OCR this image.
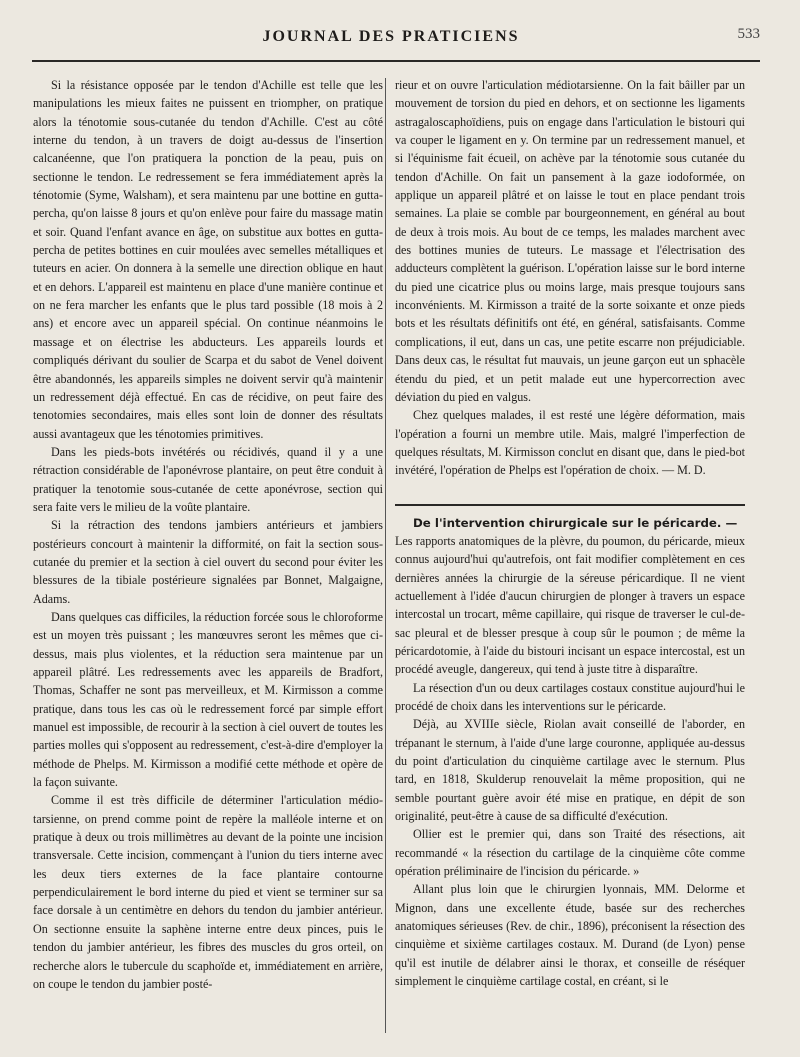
JOURNAL DES PRATICIENS	533

Si la résistance opposée par le tendon d'Achille est telle que les manipulations les mieux faites ne puissent en triompher, on pratique alors la ténotomie sous-cutanée du tendon d'Achille. C'est au côté interne du tendon, à un travers de doigt au-dessus de l'insertion calcanéenne, que l'on pratiquera la ponction de la peau, puis on sectionne le tendon. Le redressement se fera immédiatement après la ténotomie (Syme, Walsham), et sera maintenu par une bottine en gutta-percha, qu'on laisse 8 jours et qu'on enlève pour faire du massage matin et soir. Quand l'enfant avance en âge, on substitue aux bottes en gutta-percha de petites bottines en cuir moulées avec semelles métalliques et tuteurs en acier. On donnera à la semelle une direction oblique en haut et en dehors. L'appareil est maintenu en place d'une manière continue et on ne fera marcher les enfants que le plus tard possible (18 mois à 2 ans) et encore avec un appareil spécial. On continue néanmoins le massage et on électrise les abducteurs. Les appareils lourds et compliqués dérivant du soulier de Scarpa et du sabot de Venel doivent être abandonnés, les appareils simples ne doivent servir qu'à maintenir un redressement déjà effectué. En cas de récidive, on peut faire des tenotomies secondaires, mais elles sont loin de donner des résultats aussi avantageux que les ténotomies primitives.

Dans les pieds-bots invétérés ou récidivés, quand il y a une rétraction considérable de l'aponévrose plantaire, on peut être conduit à pratiquer la tenotomie sous-cutanée de cette aponévrose, section qui sera faite vers le milieu de la voûte plantaire.

Si la rétraction des tendons jambiers antérieurs et jambiers postérieurs concourt à maintenir la difformité, on fait la section sous-cutanée du premier et la section à ciel ouvert du second pour éviter les blessures de la tibiale postérieure signalées par Bonnet, Malgaigne, Adams.

Dans quelques cas difficiles, la réduction forcée sous le chloroforme est un moyen très puissant ; les manœuvres seront les mêmes que ci-dessus, mais plus violentes, et la réduction sera maintenue par un appareil plâtré. Les redressements avec les appareils de Bradfort, Thomas, Schaffer ne sont pas merveilleux, et M. Kirmisson a comme pratique, dans tous les cas où le redressement forcé par simple effort manuel est impossible, de recourir à la section à ciel ouvert de toutes les parties molles qui s'opposent au redressement, c'est-à-dire d'employer la méthode de Phelps. M. Kirmisson a modifié cette méthode et opère de la façon suivante.

Comme il est très difficile de déterminer l'articulation médio-tarsienne, on prend comme point de repère la malléole interne et on pratique à deux ou trois millimètres au devant de la pointe une incision transversale. Cette incision, commençant à l'union du tiers interne avec les deux tiers externes de la face plantaire contourne perpendiculairement le bord interne du pied et vient se terminer sur sa face dorsale à un centimètre en dehors du tendon du jambier antérieur. On sectionne ensuite la saphène interne entre deux pinces, puis le tendon du jambier antérieur, les fibres des muscles du gros orteil, on recherche alors le tubercule du scaphoïde et, immédiatement en arrière, on coupe le tendon du jambier posté-

rieur et on ouvre l'articulation médiotarsienne. On la fait bâiller par un mouvement de torsion du pied en dehors, et on sectionne les ligaments astragaloscaphoïdiens, puis on engage dans l'articulation le bistouri qui va couper le ligament en y. On termine par un redressement manuel, et si l'équinisme fait écueil, on achève par la ténotomie sous cutanée du tendon d'Achille. On fait un pansement à la gaze iodoformée, on applique un appareil plâtré et on laisse le tout en place pendant trois semaines. La plaie se comble par bourgeonnement, en général au bout de deux à trois mois. Au bout de ce temps, les malades marchent avec des bottines munies de tuteurs. Le massage et l'électrisation des adducteurs complètent la guérison. L'opération laisse sur le bord interne du pied une cicatrice plus ou moins large, mais presque toujours sans inconvénients. M. Kirmisson a traité de la sorte soixante et onze pieds bots et les résultats définitifs ont été, en général, satisfaisants. Comme complications, il eut, dans un cas, une petite escarre non préjudiciable. Dans deux cas, le résultat fut mauvais, un jeune garçon eut un sphacèle étendu du pied, et un petit malade eut une hypercorrection avec déviation du pied en valgus.

Chez quelques malades, il est resté une légère déformation, mais l'opération a fourni un membre utile. Mais, malgré l'imperfection de quelques résultats, M. Kirmisson conclut en disant que, dans le pied-bot invétéré, l'opération de Phelps est l'opération de choix. — M. D.

De l'intervention chirurgicale sur le péricarde. —
Les rapports anatomiques de la plèvre, du poumon, du péricarde, mieux connus aujourd'hui qu'autrefois, ont fait modifier complètement en ces dernières années la chirurgie de la séreuse péricardique. Il ne vient actuellement à l'idée d'aucun chirurgien de plonger à travers un espace intercostal un trocart, même capillaire, qui risque de traverser le cul-de-sac pleural et de blesser presque à coup sûr le poumon ; de même la péricardotomie, à l'aide du bistouri incisant un espace intercostal, est un procédé aveugle, dangereux, qui tend à juste titre à disparaître.

La résection d'un ou deux cartilages costaux constitue aujourd'hui le procédé de choix dans les interventions sur le péricarde.

Déjà, au XVIIIe siècle, Riolan avait conseillé de l'aborder, en trépanant le sternum, à l'aide d'une large couronne, appliquée au-dessus du point d'articulation du cinquième cartilage avec le sternum. Plus tard, en 1818, Skulderup renouvelait la même proposition, qui ne semble pourtant guère avoir été mise en pratique, en dépit de son originalité, peut-être à cause de sa difficulté d'exécution.

Ollier est le premier qui, dans son Traité des résections, ait recommandé « la résection du cartilage de la cinquième côte comme opération préliminaire de l'incision du péricarde. »

Allant plus loin que le chirurgien lyonnais, MM. Delorme et Mignon, dans une excellente étude, basée sur des recherches anatomiques sérieuses (Rev. de chir., 1896), préconisent la résection des cinquième et sixième cartilages costaux. M. Durand (de Lyon) pense qu'il est inutile de délabrer ainsi le thorax, et conseille de réséquer simplement le cinquième cartilage costal, en créant, si le
